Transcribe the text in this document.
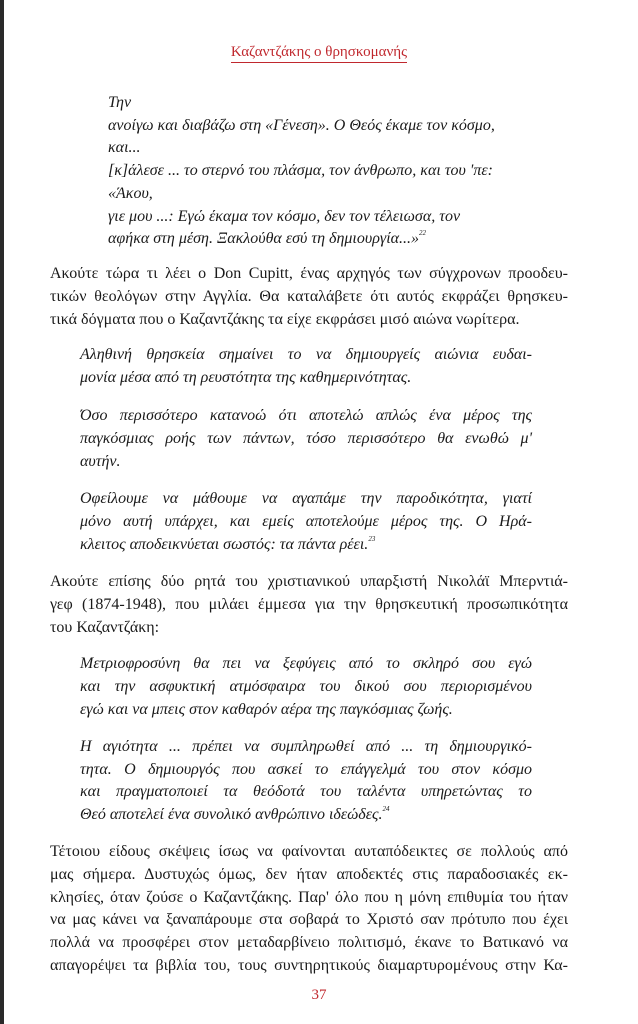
Καζαντζάκης ο θρησκομανής
Την
ανοίγω και διαβάζω στη «Γένεση». Ο Θεός έκαμε τον κόσμο,
και...
[κ]άλεσε ... το στερνό του πλάσμα, τον άνθρωπο, και του 'πε:
«Άκου,
γιε μου ...: Εγώ έκαμα τον κόσμο, δεν τον τέλειωσα, τον
αφήκα στη μέση. Ξακλούθα εσύ τη δημιουργία...»$^{22}$
Ακούτε τώρα τι λέει ο Don Cupitt, ένας αρχηγός των σύγχρονων προοδευ-
τικών θεολόγων στην Αγγλία. Θα καταλάβετε ότι αυτός εκφράζει θρησκευ-
τικά δόγματα που ο Καζαντζάκης τα είχε εκφράσει μισό αιώνα νωρίτερα.
Αληθινή θρησκεία σημαίνει το να δημιουργείς αιώνια ευδαι-
μονία μέσα από τη ρευστότητα της καθημερινότητας.
Όσο περισσότερο κατανοώ ότι αποτελώ απλώς ένα μέρος της
παγκόσμιας ροής των πάντων, τόσο περισσότερο θα ενωθώ μ'
αυτήν.
Οφείλουμε να μάθουμε να αγαπάμε την παροδικότητα, γιατί
μόνο αυτή υπάρχει, και εμείς αποτελούμε μέρος της. Ο Ηρά-
κλειτος αποδεικνύεται σωστός: τα πάντα ρέει.$^{23}$
Ακούτε επίσης δύο ρητά του χριστιανικού υπαρξιστή Νικολάϊ Μπερντιά-
γεφ (1874-1948), που μιλάει έμμεσα για την θρησκευτική προσωπικότητα
του Καζαντζάκη:
Μετριοφροσύνη θα πει να ξεφύγεις από το σκληρό σου εγώ
και την ασφυκτική ατμόσφαιρα του δικού σου περιορισμένου
εγώ και να μπεις στον καθαρόν αέρα της παγκόσμιας ζωής.
Η αγιότητα ... πρέπει να συμπληρωθεί από ... τη δημιουργικό-
τητα. Ο δημιουργός που ασκεί το επάγγελμά του στον κόσμο
και πραγματοποιεί τα θεόδοτά του ταλέντα υπηρετώντας το
Θεό αποτελεί ένα συνολικό ανθρώπινο ιδεώδες.$^{24}$
Τέτοιου είδους σκέψεις ίσως να φαίνονται αυταπόδεικτες σε πολλούς από
μας σήμερα. Δυστυχώς όμως, δεν ήταν αποδεκτές στις παραδοσιακές εκ-
κλησίες, όταν ζούσε ο Καζαντζάκης. Παρ' όλο που η μόνη επιθυμία του ήταν
να μας κάνει να ξαναπάρουμε στα σοβαρά το Χριστό σαν πρότυπο που έχει
πολλά να προσφέρει στον μεταδαρβίνειο πολιτισμό, έκανε το Βατικανό να
απαγορέψει τα βιβλία του, τους συντηρητικούς διαμαρτυρομένους στην Κα-
37
